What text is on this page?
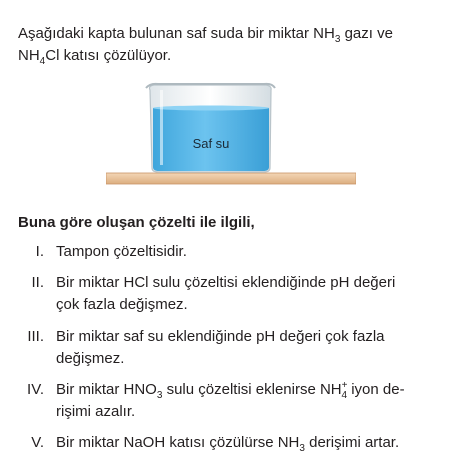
Aşağıdaki kapta bulunan saf suda bir miktar $NH_3$ gazı ve
$NH_4Cl$ katısı çözülüyor.

Saf su

Buna göre oluşan çözelti ile ilgili,

I. Tampon çözeltisidir.

II. Bir miktar HCl sulu çözeltisi eklendiğinde pH değeri çok fazla değişmez.

III. Bir miktar saf su eklendiğinde pH değeri çok fazla değişmez.

IV. Bir miktar $HNO_3$ sulu çözeltisi eklenirse $NH^+_4$ iyon de-rişimi azalır.

V. Bir miktar NaOH katısı çözülürse $NH_3$ derişimi artar.
